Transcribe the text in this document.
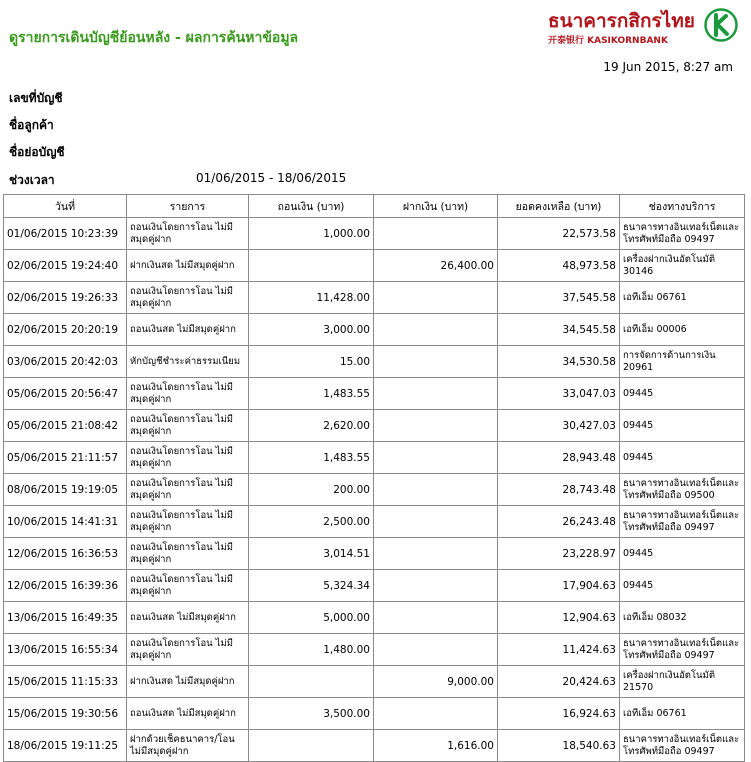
ดูรายการเดินบัญชีย้อนหลัง - ผลการค้นหาข้อมูล
ธนาคารกสิกรไทย
开泰银行 KASIKORNBANK
19 Jun 2015, 8:27 am
เลขที่บัญชี
ชื่อลูกค้า
ชื่อย่อบัญชี
ช่วงเวลา	01/06/2015 - 18/06/2015
วันที่	รายการ	ถอนเงิน (บาท)	ฝากเงิน (บาท)	ยอดคงเหลือ (บาท)	ช่องทางบริการ
01/06/2015 10:23:39	ถอนเงินโดยการโอน ไม่มีสมุดคู่ฝาก	1,000.00		22,573.58	ธนาคารทางอินเทอร์เน็ตและโทรศัพท์มือถือ 09497
02/06/2015 19:24:40	ฝากเงินสด ไม่มีสมุดคู่ฝาก		26,400.00	48,973.58	เครื่องฝากเงินอัตโนมัติ 30146
02/06/2015 19:26:33	ถอนเงินโดยการโอน ไม่มีสมุดคู่ฝาก	11,428.00		37,545.58	เอทีเอ็ม 06761
02/06/2015 20:20:19	ถอนเงินสด ไม่มีสมุดคู่ฝาก	3,000.00		34,545.58	เอทีเอ็ม 00006
03/06/2015 20:42:03	หักบัญชีชำระค่าธรรมเนียม	15.00		34,530.58	การจัดการด้านการเงิน 20961
05/06/2015 20:56:47	ถอนเงินโดยการโอน ไม่มีสมุดคู่ฝาก	1,483.55		33,047.03	09445
05/06/2015 21:08:42	ถอนเงินโดยการโอน ไม่มีสมุดคู่ฝาก	2,620.00		30,427.03	09445
05/06/2015 21:11:57	ถอนเงินโดยการโอน ไม่มีสมุดคู่ฝาก	1,483.55		28,943.48	09445
08/06/2015 19:19:05	ถอนเงินโดยการโอน ไม่มีสมุดคู่ฝาก	200.00		28,743.48	ธนาคารทางอินเทอร์เน็ตและโทรศัพท์มือถือ 09500
10/06/2015 14:41:31	ถอนเงินโดยการโอน ไม่มีสมุดคู่ฝาก	2,500.00		26,243.48	ธนาคารทางอินเทอร์เน็ตและโทรศัพท์มือถือ 09497
12/06/2015 16:36:53	ถอนเงินโดยการโอน ไม่มีสมุดคู่ฝาก	3,014.51		23,228.97	09445
12/06/2015 16:39:36	ถอนเงินโดยการโอน ไม่มีสมุดคู่ฝาก	5,324.34		17,904.63	09445
13/06/2015 16:49:35	ถอนเงินสด ไม่มีสมุดคู่ฝาก	5,000.00		12,904.63	เอทีเอ็ม 08032
13/06/2015 16:55:34	ถอนเงินโดยการโอน ไม่มีสมุดคู่ฝาก	1,480.00		11,424.63	ธนาคารทางอินเทอร์เน็ตและโทรศัพท์มือถือ 09497
15/06/2015 11:15:33	ฝากเงินสด ไม่มีสมุดคู่ฝาก		9,000.00	20,424.63	เครื่องฝากเงินอัตโนมัติ 21570
15/06/2015 19:30:56	ถอนเงินสด ไม่มีสมุดคู่ฝาก	3,500.00		16,924.63	เอทีเอ็ม 06761
18/06/2015 19:11:25	ฝากด้วยเช็คธนาคาร/โอน ไม่มีสมุดคู่ฝาก		1,616.00	18,540.63	ธนาคารทางอินเทอร์เน็ตและโทรศัพท์มือถือ 09497
